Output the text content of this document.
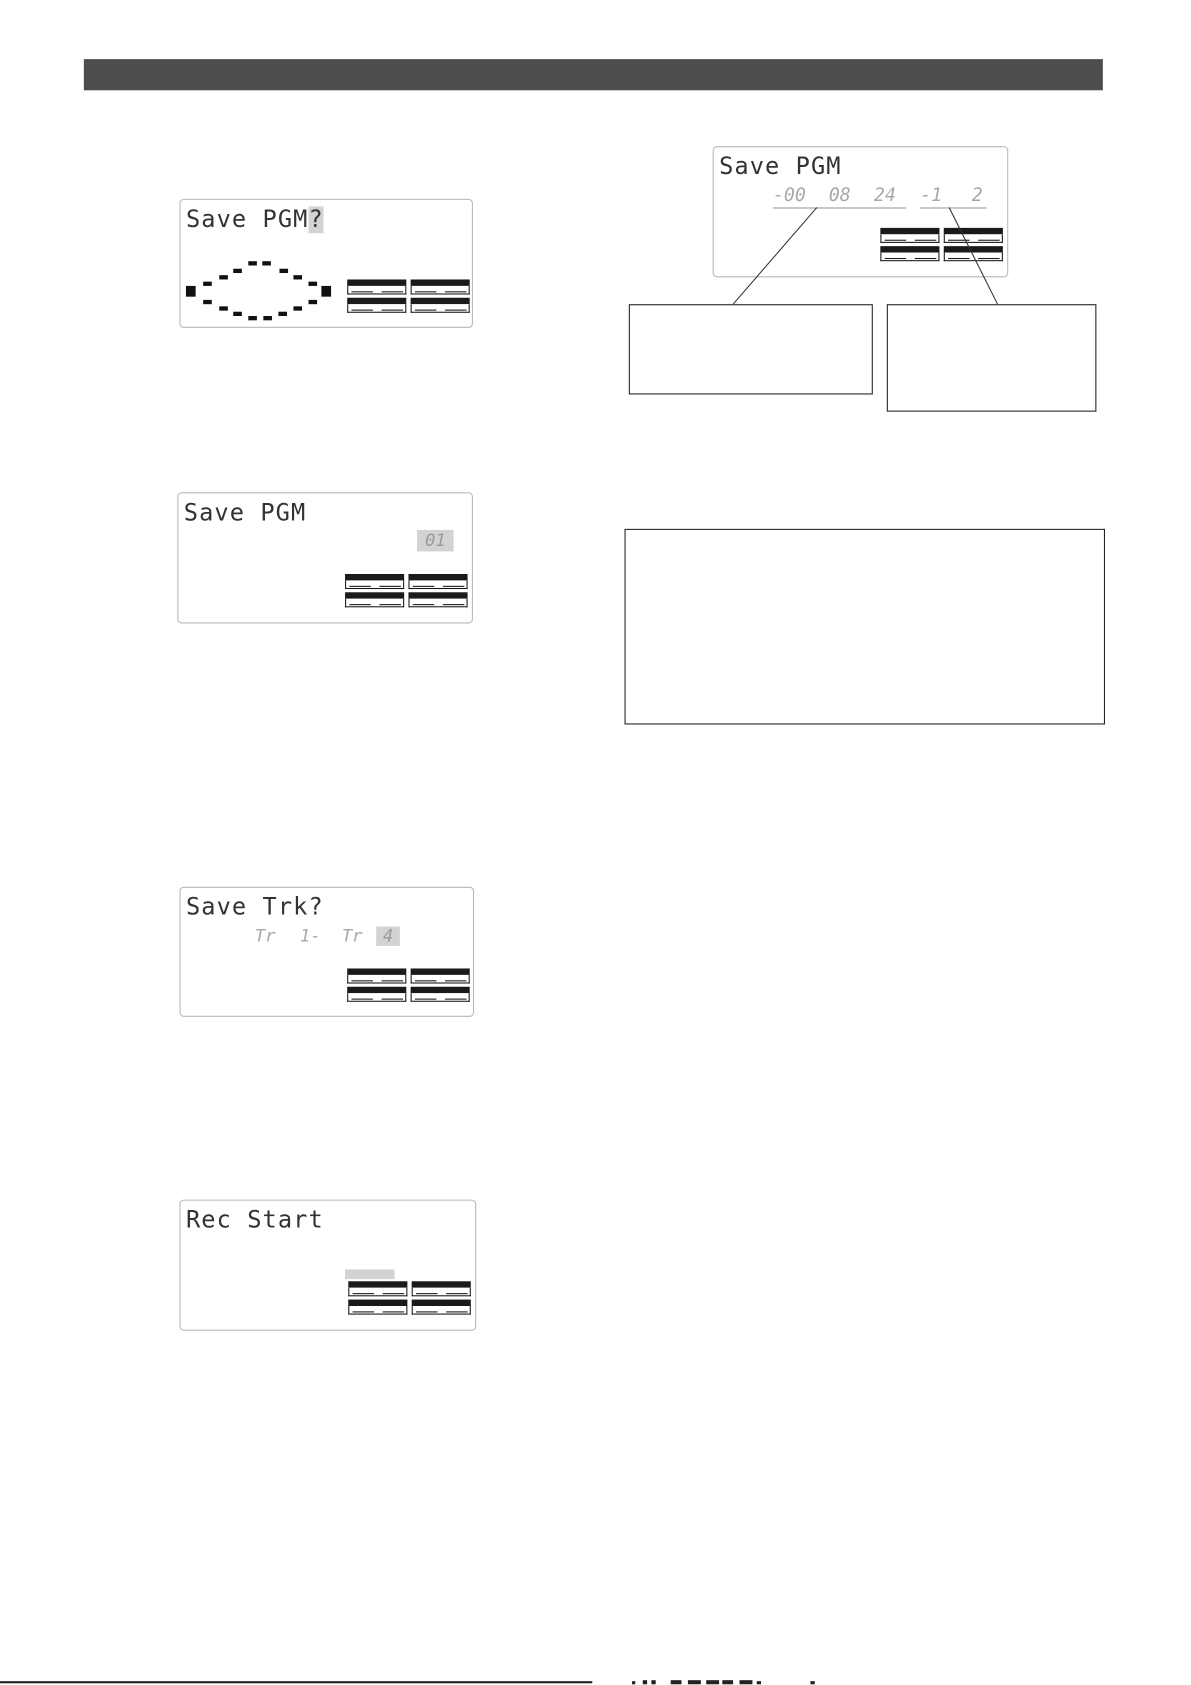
Save PGM?
Save PGM
01
Save Trk?
Tr 1- Tr	4
Rec Start
Save PGM
-00 08 24 -1 2
